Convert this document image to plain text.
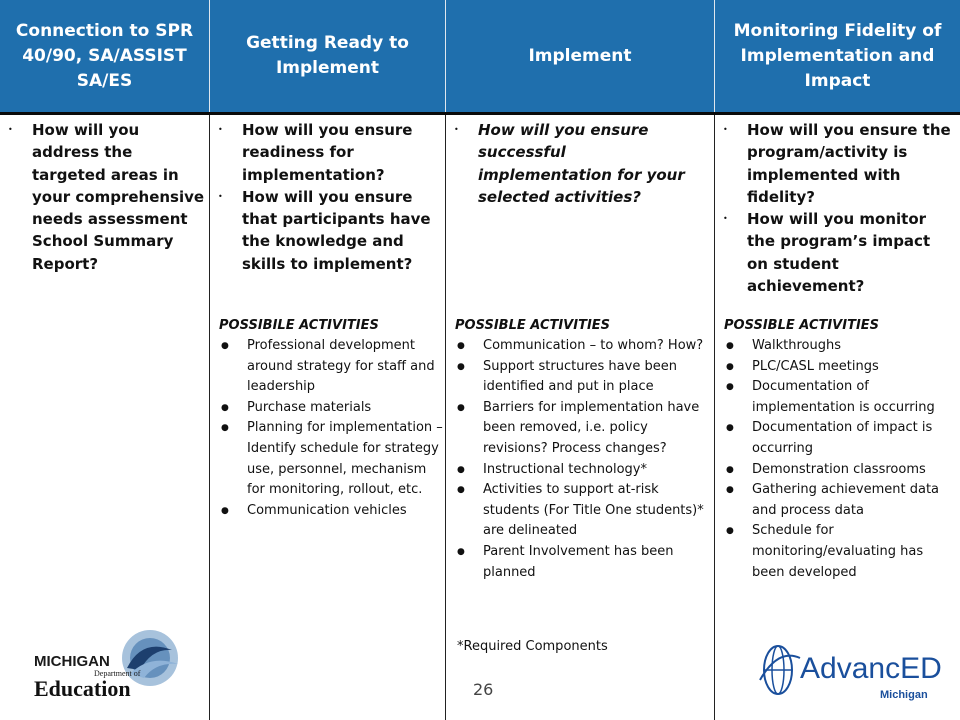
Connection to SPR 40/90, SA/ASSIST SA/ES
Getting Ready to Implement
Implement
Monitoring Fidelity of Implementation and Impact
• How will you address the targeted areas in your comprehensive needs assessment School Summary Report?
• How will you ensure readiness for implementation?
• How will you ensure that participants have the knowledge and skills to implement?
POSSIBILE ACTIVITIES
● Professional development around strategy for staff and leadership
● Purchase materials
● Planning for implementation – Identify schedule for strategy use, personnel, mechanism for monitoring, rollout, etc.
● Communication vehicles
• How will you ensure successful implementation for your selected activities?
POSSIBLE ACTIVITIES
● Communication – to whom? How?
● Support structures have been identified and put in place
● Barriers for implementation have been removed, i.e. policy revisions? Process changes?
● Instructional technology*
● Activities to support at-risk students (For Title One students)* are delineated
● Parent Involvement has been planned
*Required Components
• How will you ensure the program/activity is implemented with fidelity?
• How will you monitor the program’s impact on student achievement?
POSSIBLE ACTIVITIES
● Walkthroughs
● PLC/CASL meetings
● Documentation of implementation is occurring
● Documentation of impact is occurring
● Demonstration classrooms
● Gathering achievement data and process data
● Schedule for monitoring/evaluating has been developed
MICHIGAN
Department of
Education	26
AdvancED
Michigan
